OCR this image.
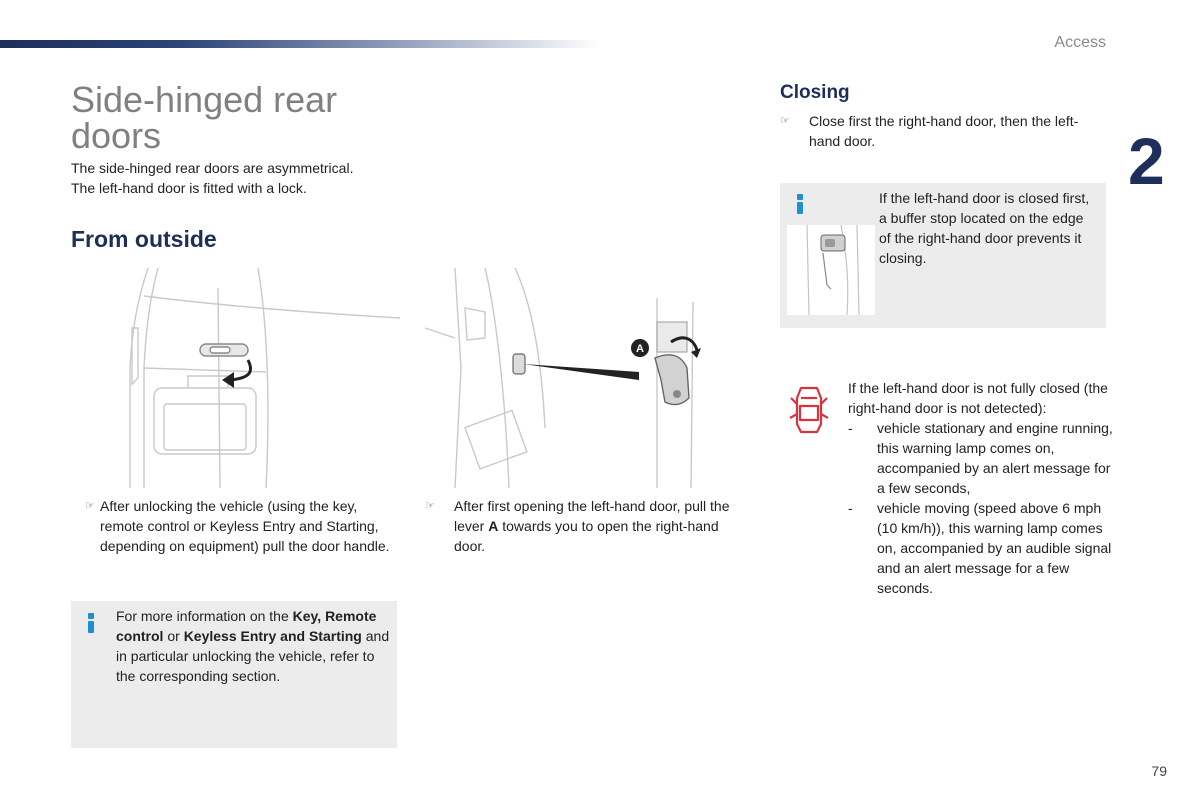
Access
2
Side-hinged rear doors

The side-hinged rear doors are asymmetrical.

The left-hand door is fitted with a lock.

From outside
A
☞ After unlocking the vehicle (using the key, remote control or Keyless Entry and Starting, depending on equipment) pull the door handle.
☞ After first opening the left-hand door, pull the lever A towards you to open the right-hand door.
For more information on the Key, Remote control or Keyless Entry and Starting and in particular unlocking the vehicle, refer to the corresponding section.
Closing
☞ Close first the right-hand door, then the left-hand door.
If the left-hand door is closed first, a buffer stop located on the edge of the right-hand door prevents it closing.

If the left-hand door is not fully closed (the right-hand door is not detected):

- vehicle stationary and engine running, this warning lamp comes on, accompanied by an alert message for a few seconds,
- vehicle moving (speed above 6 mph (10 km/h)), this warning lamp comes on, accompanied by an audible signal and an alert message for a few seconds.
79
